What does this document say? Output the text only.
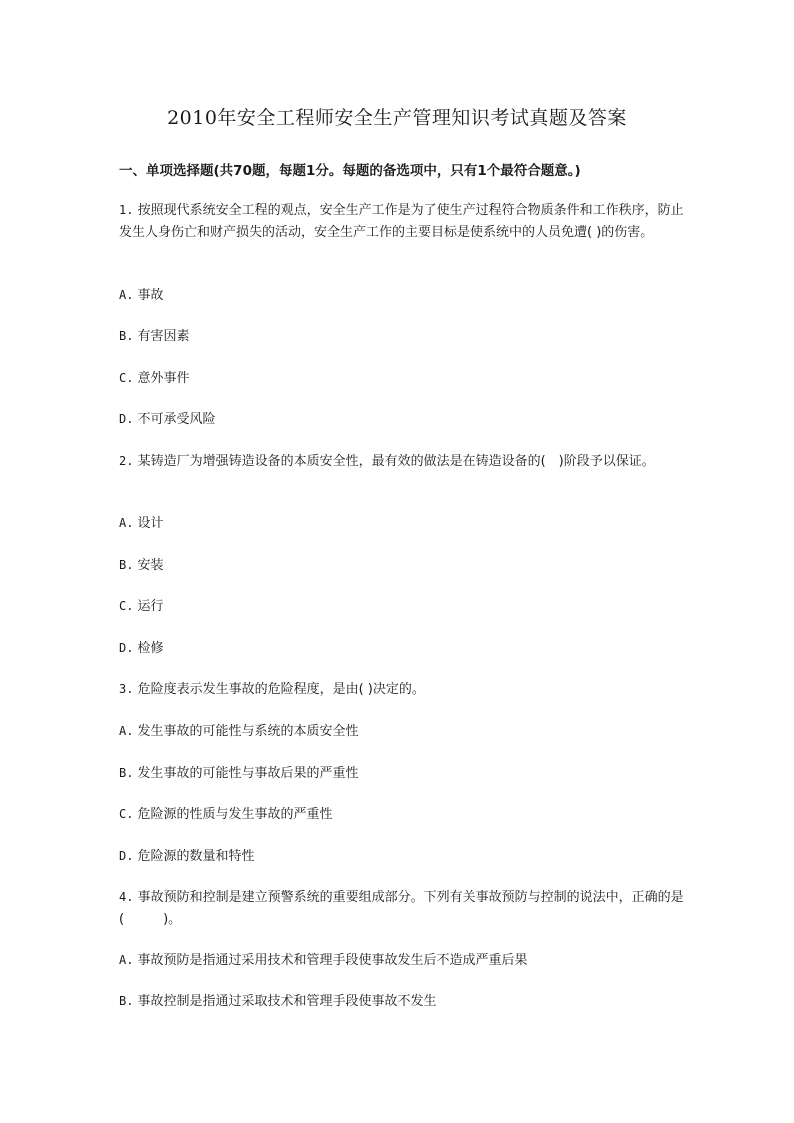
2010年安全工程师安全生产管理知识考试真题及答案
一、单项选择题(共70题，每题1分。每题的备选项中，只有1个最符合题意。)
1. 按照现代系统安全工程的观点，安全生产工作是为了使生产过程符合物质条件和工作秩序，防止发生人身伤亡和财产损失的活动，安全生产工作的主要目标是使系统中的人员免遭( )的伤害。
A. 事故
B. 有害因素
C. 意外事件
D. 不可承受风险
2. 某铸造厂为增强铸造设备的本质安全性，最有效的做法是在铸造设备的(　)阶段予以保证。
A. 设计
B. 安装
C. 运行
D. 检修
3. 危险度表示发生事故的危险程度，是由( )决定的。
A. 发生事故的可能性与系统的本质安全性
B. 发生事故的可能性与事故后果的严重性
C. 危险源的性质与发生事故的严重性
D. 危险源的数量和特性
4. 事故预防和控制是建立预警系统的重要组成部分。下列有关事故预防与控制的说法中，正确的是(　　　)。
A. 事故预防是指通过采用技术和管理手段使事故发生后不造成严重后果
B. 事故控制是指通过采取技术和管理手段使事故不发生
